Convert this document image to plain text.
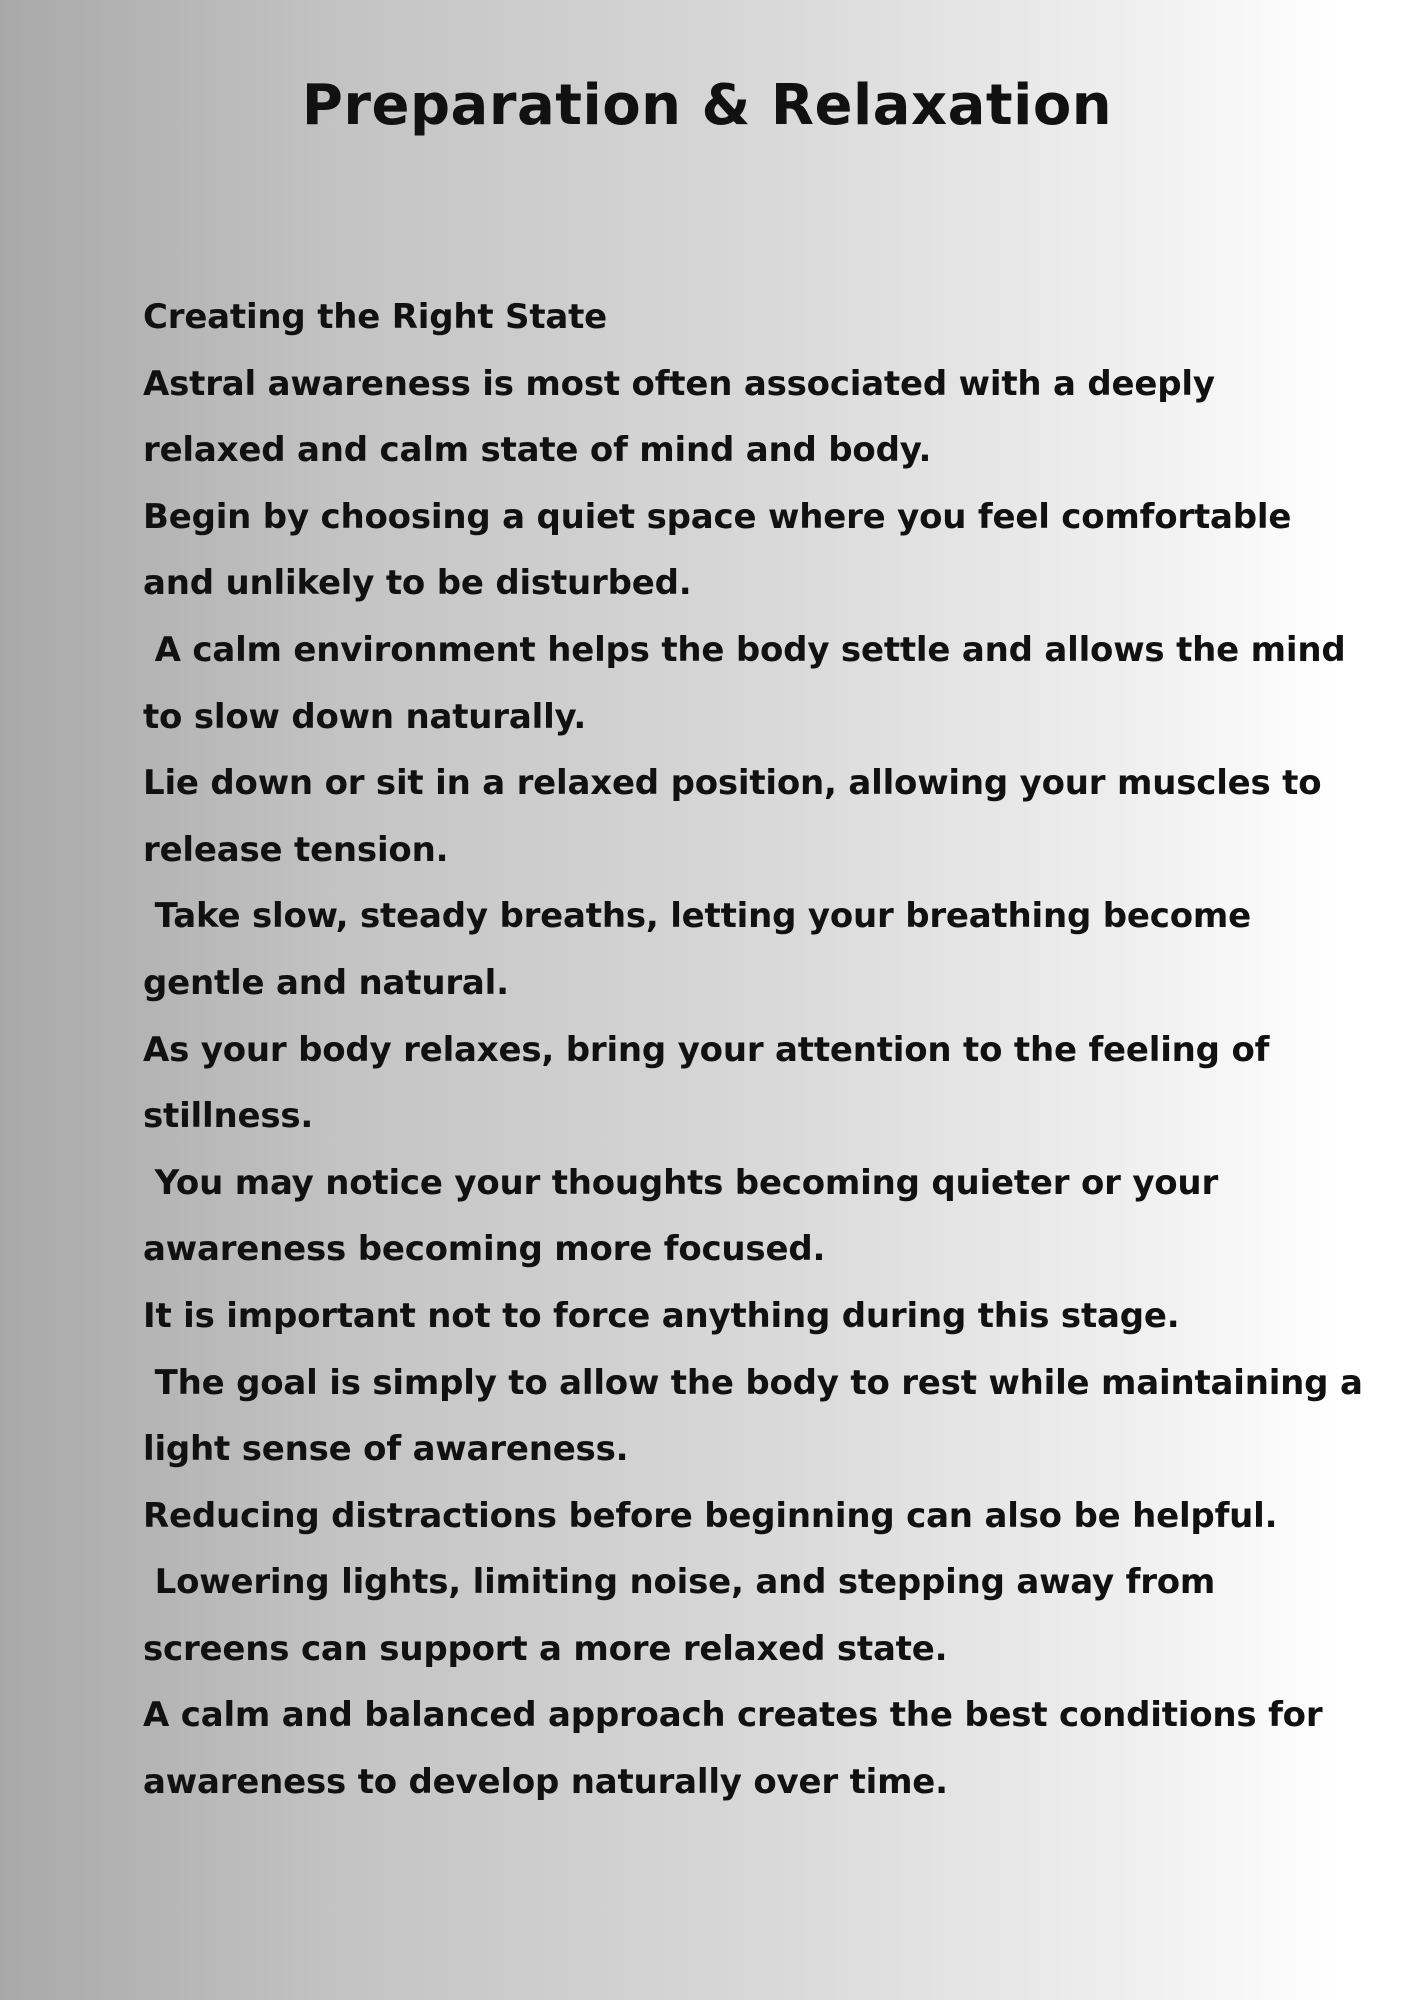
Preparation & Relaxation

Creating the Right State

Astral awareness is most often associated with a deeply

relaxed and calm state of mind and body.

Begin by choosing a quiet space where you feel comfortable

and unlikely to be disturbed.

A calm environment helps the body settle and allows the mind

to slow down naturally.

Lie down or sit in a relaxed position, allowing your muscles to

release tension.

Take slow, steady breaths, letting your breathing become

gentle and natural.

As your body relaxes, bring your attention to the feeling of

stillness.

You may notice your thoughts becoming quieter or your

awareness becoming more focused.

It is important not to force anything during this stage.

The goal is simply to allow the body to rest while maintaining a

light sense of awareness.

Reducing distractions before beginning can also be helpful.

Lowering lights, limiting noise, and stepping away from

screens can support a more relaxed state.

A calm and balanced approach creates the best conditions for

awareness to develop naturally over time.
